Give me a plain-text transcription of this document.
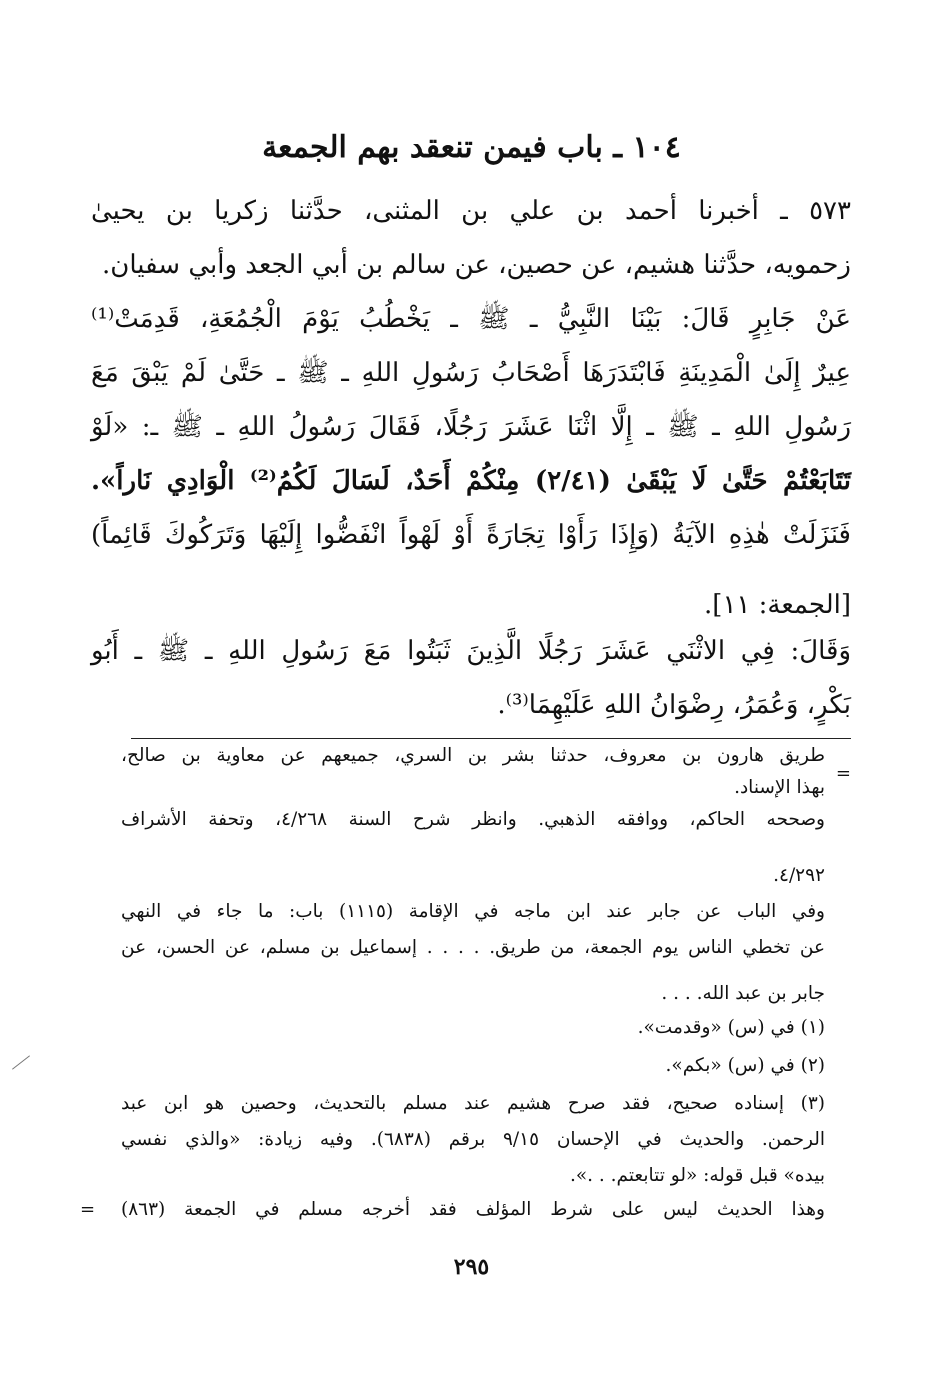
١٠٤ ـ باب فيمن تنعقد بهم الجمعة
٥٧٣ ـ أخبرنا أحمد بن علي بن المثنى، حدَّثنا زكريا بن يحيىٰ
زحمويه، حدَّثنا هشيم، عن حصين، عن سالم بن أبي الجعد وأبي سفيان.
عَنْ جَابِرٍ قَالَ: بَيْنَا النَّبِيُّ ـ ﷺ ـ يَخْطُبُ يَوْمَ الْجُمُعَةِ، قَدِمَتْ⁽¹⁾
عِيرٌ إِلَىٰ الْمَدِينَةِ فَابْتَدَرَهَا أَصْحَابُ رَسُولِ اللهِ ـ ﷺ ـ حَتَّىٰ لَمْ يَبْقَ مَعَ
رَسُولِ اللهِ ـ ﷺ ـ إِلَّا اثْنَا عَشَرَ رَجُلًا، فَقَالَ رَسُولُ اللهِ ـ ﷺ ـ: «لَوْ
تَتَابَعْتُمْ حَتَّىٰ لَا يَبْقَىٰ (٢/٤١) مِنْكُمْ أَحَدٌ، لَسَالَ لَكُمُ⁽²⁾ الْوَادِي نَاراً».
فَنَزَلَتْ هٰذِهِ الآيَةُ (وَإِذَا رَأَوْا تِجَارَةً أَوْ لَهْواً انْفَضُّوا إِلَيْهَا وَتَرَكُوكَ قَائِماً)
[الجمعة: ١١].
وَقَالَ: فِي الاثْنَي عَشَرَ رَجُلًا الَّذِينَ ثَبَتُوا مَعَ رَسُولِ اللهِ ـ ﷺ ـ أَبُو
بَكْرٍ، وَعُمَرُ، رِضْوَانُ اللهِ عَلَيْهِمَا⁽³⁾.
=
طريق هارون بن معروف، حدثنا بشر بن السري، جميعهم عن معاوية بن صالح،
بهذا الإسناد.
وصححه الحاكم، ووافقه الذهبي. وانظر شرح السنة ٤/٢٦٨، وتحفة الأشراف
٤/٢٩٢.
وفي الباب عن جابر عند ابن ماجه في الإقامة (١١١٥) باب: ما جاء في النهي
عن تخطي الناس يوم الجمعة، من طريق. . . . . إسماعيل بن مسلم، عن الحسن، عن
جابر بن عبد الله. . . .
(١) في (س) «وقدمت».
(٢) في (س) «بكم».
(٣) إسناده صحيح، فقد صرح هشيم عند مسلم بالتحديث، وحصين هو ابن عبد
الرحمن. والحديث في الإحسان ٩/١٥ برقم (٦٨٣٨). وفيه زيادة: «والذي نفسي
بيده» قبل قوله: «لو تتابعتم. . .».
وهذا الحديث ليس على شرط المؤلف فقد أخرجه مسلم في الجمعة (٨٦٣)
=
٢٩٥
